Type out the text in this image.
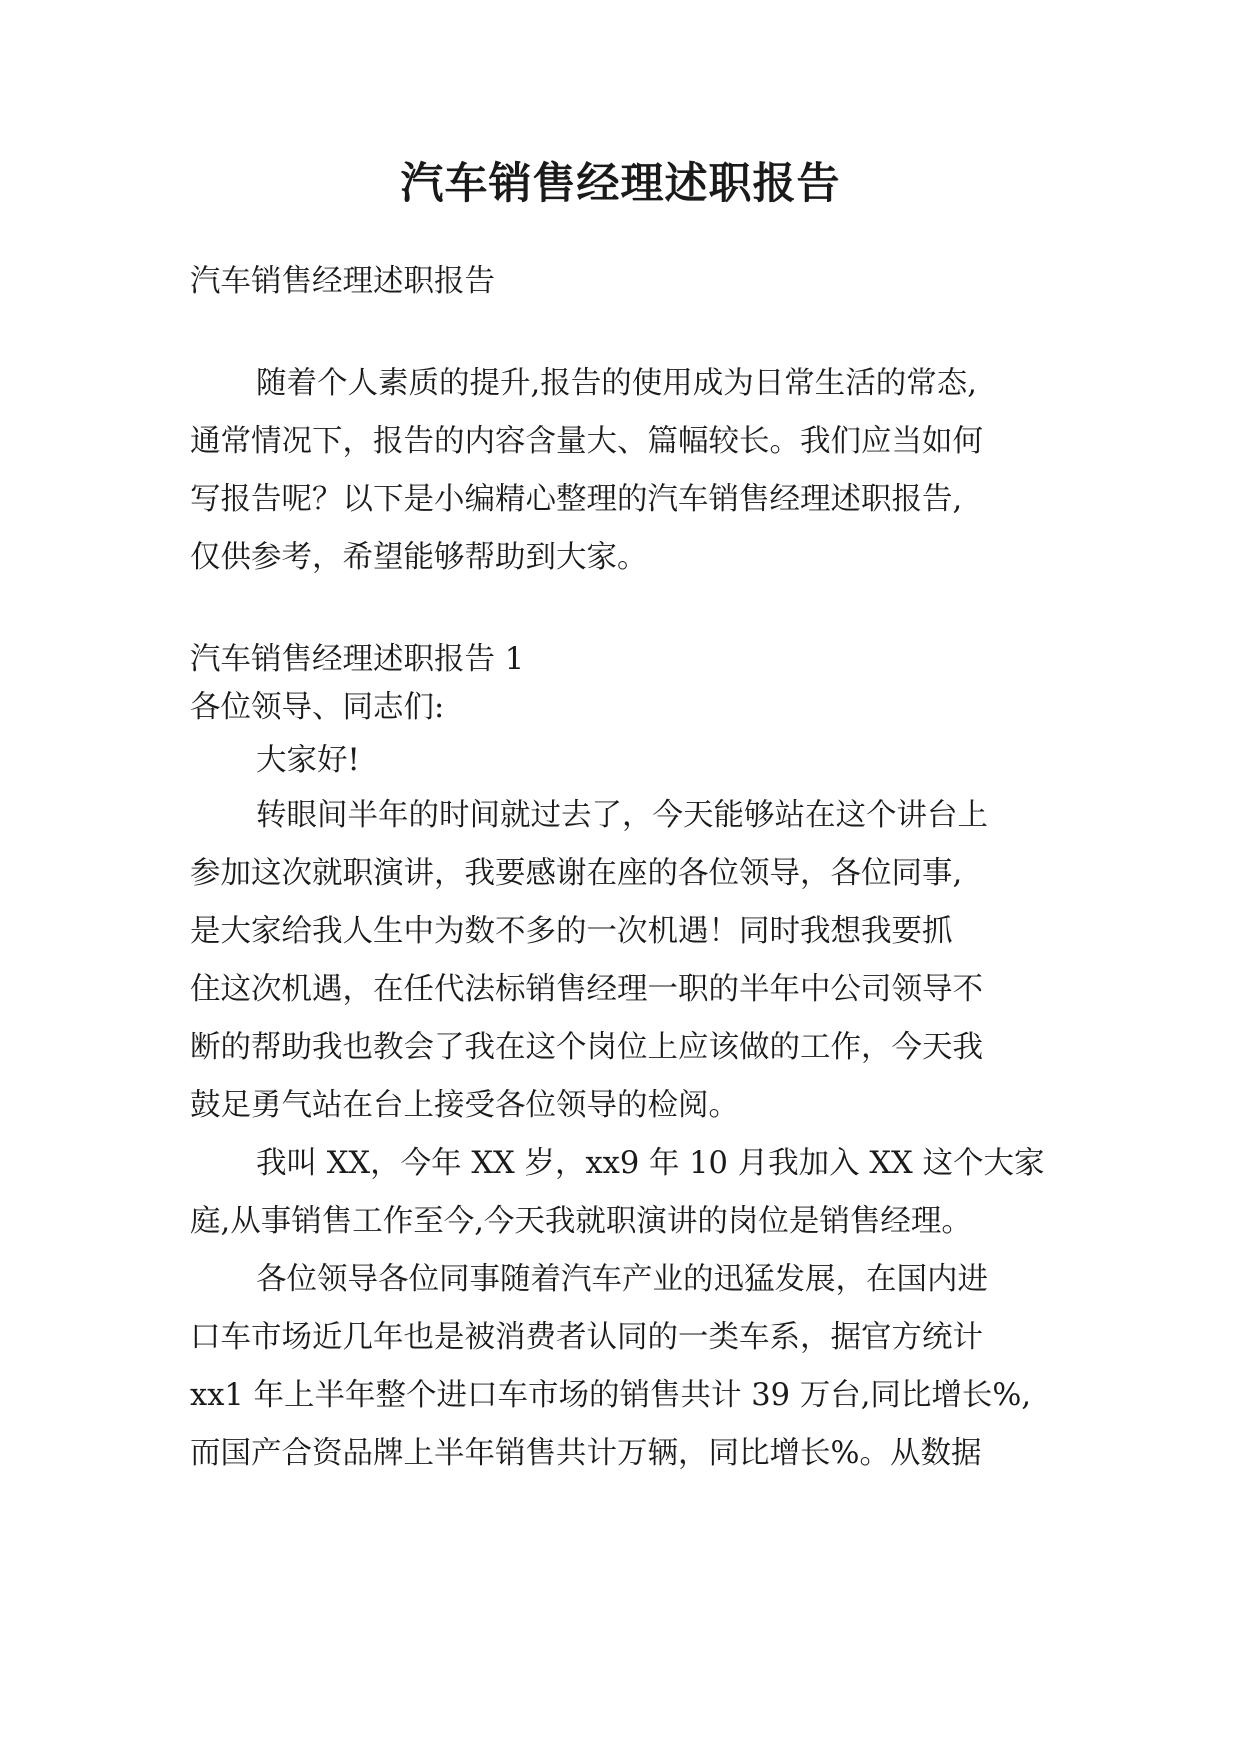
汽车销售经理述职报告

汽车销售经理述职报告

随着个人素质的提升,报告的使用成为日常生活的常态,

通常情况下，报告的内容含量大、篇幅较长。我们应当如何

写报告呢？以下是小编精心整理的汽车销售经理述职报告,

仅供参考，希望能够帮助到大家。

汽车销售经理述职报告 1

各位领导、同志们:

大家好!

转眼间半年的时间就过去了，今天能够站在这个讲台上

参加这次就职演讲，我要感谢在座的各位领导，各位同事,

是大家给我人生中为数不多的一次机遇！同时我想我要抓

住这次机遇，在任代法标销售经理一职的半年中公司领导不

断的帮助我也教会了我在这个岗位上应该做的工作，今天我

鼓足勇气站在台上接受各位领导的检阅。

我叫 XX，今年 XX 岁，xx9 年 10 月我加入 XX 这个大家

庭,从事销售工作至今,今天我就职演讲的岗位是销售经理。

各位领导各位同事随着汽车产业的迅猛发展，在国内进

口车市场近几年也是被消费者认同的一类车系，据官方统计

xx1 年上半年整个进口车市场的销售共计 39 万台,同比增长%,

而国产合资品牌上半年销售共计万辆，同比增长%。从数据
